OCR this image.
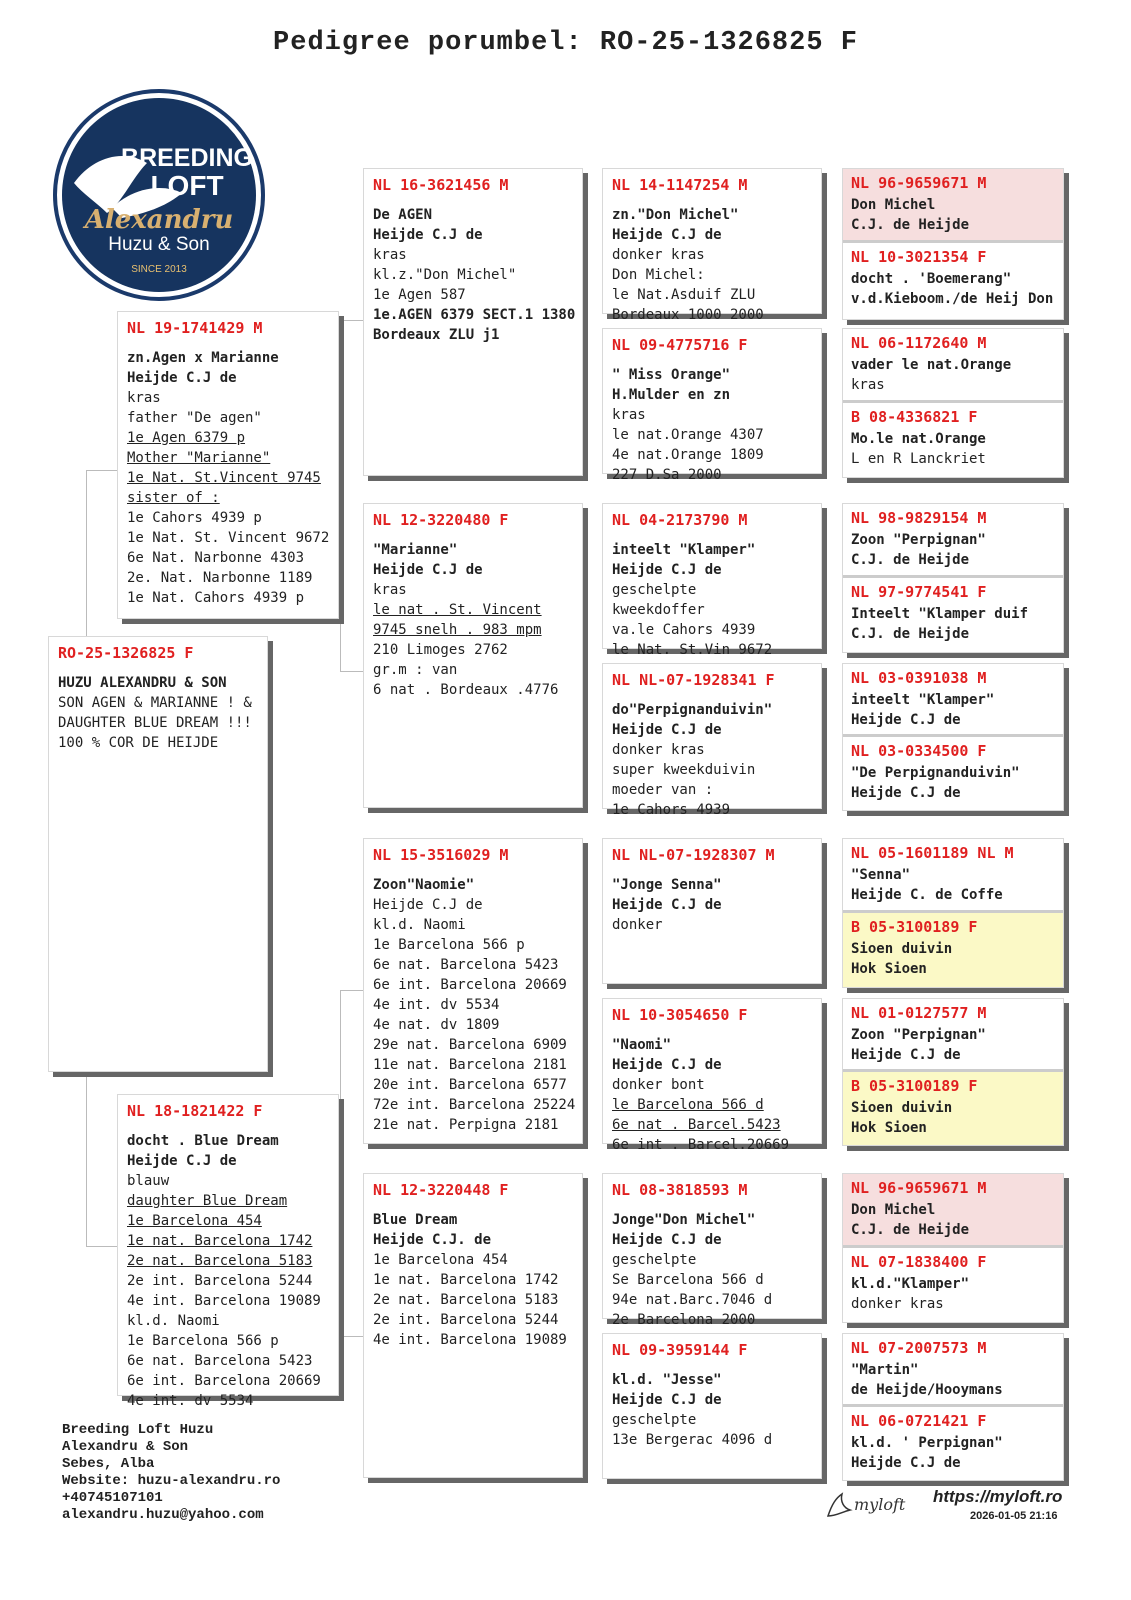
Pedigree porumbel: RO-25-1326825 F
BREEDING
LOFT
Alexandru
Huzu & Son
SINCE 2013
RO-25-1326825 F
HUZU ALEXANDRU & SON
SON AGEN & MARIANNE ! &
DAUGHTER BLUE DREAM !!!
100 % COR DE HEIJDE
NL 19-1741429 M
zn.Agen x Marianne
Heijde C.J de
kras
father "De agen"
1e Agen 6379 p
Mother "Marianne"
1e Nat. St.Vincent 9745
sister of :
1e Cahors 4939 p
1e Nat. St. Vincent 9672
6e Nat. Narbonne 4303
2e. Nat. Narbonne 1189
1e Nat. Cahors 4939 p
NL 18-1821422 F
docht . Blue Dream
Heijde C.J de
blauw
daughter Blue Dream
1e Barcelona 454
1e nat. Barcelona 1742
2e nat. Barcelona 5183
2e int. Barcelona 5244
4e int. Barcelona 19089
kl.d. Naomi
1e Barcelona 566 p
6e nat. Barcelona 5423
6e int. Barcelona 20669
4e int. dv 5534
NL 16-3621456 M
De AGEN
Heijde C.J de
kras
kl.z."Don Michel"
1e Agen 587
1e.AGEN 6379 SECT.1 1380
Bordeaux ZLU j1
NL 12-3220480 F
"Marianne"
Heijde C.J de
kras
le nat . St. Vincent
9745 snelh . 983 mpm
210 Limoges 2762
gr.m : van
6 nat . Bordeaux .4776
NL 15-3516029 M
Zoon"Naomie"
Heijde C.J de
kl.d. Naomi
1e Barcelona 566 p
6e nat. Barcelona 5423
6e int. Barcelona 20669
4e int. dv 5534
4e nat. dv 1809
29e nat. Barcelona 6909
11e nat. Barcelona 2181
20e int. Barcelona 6577
72e int. Barcelona 25224
21e nat. Perpigna 2181
NL 12-3220448 F
Blue Dream
Heijde C.J. de
1e Barcelona 454
1e nat. Barcelona 1742
2e nat. Barcelona 5183
2e int. Barcelona 5244
4e int. Barcelona 19089
NL 14-1147254 M
zn."Don Michel"
Heijde C.J de
donker kras
Don Michel:
le Nat.Asduif ZLU
Bordeaux 1000 2000
NL 09-4775716 F
" Miss Orange"
H.Mulder en zn
kras
le nat.Orange 4307
4e nat.Orange 1809
227 D.Sa 2000
NL 04-2173790 M
inteelt "Klamper"
Heijde C.J de
geschelpte
kweekdoffer
va.le Cahors 4939
le Nat. St.Vin 9672
NL NL-07-1928341 F
do"Perpignanduivin"
Heijde C.J de
donker kras
super kweekduivin
moeder van :
1e Cahors 4939
NL NL-07-1928307 M
"Jonge Senna"
Heijde C.J de
donker
NL 10-3054650 F
"Naomi"
Heijde C.J de
donker bont
le Barcelona 566 d
6e nat . Barcel.5423
6e int . Barcel.20669
NL 08-3818593 M
Jonge"Don Michel"
Heijde C.J de
geschelpte
Se Barcelona 566 d
94e nat.Barc.7046 d
2e Barcelona 2000
NL 09-3959144 F
kl.d. "Jesse"
Heijde C.J de
geschelpte
13e Bergerac 4096 d
NL 96-9659671 M
Don Michel
C.J. de Heijde
NL 10-3021354 F
docht . 'Boemerang"
v.d.Kieboom./de Heij Don
NL 06-1172640 M
vader le nat.Orange
kras
B 08-4336821 F
Mo.le nat.Orange
L en R Lanckriet
NL 98-9829154 M
Zoon "Perpignan"
C.J. de Heijde
NL 97-9774541 F
Inteelt "Klamper duif
C.J. de Heijde
NL 03-0391038 M
inteelt "Klamper"
Heijde C.J de
NL 03-0334500 F
"De Perpignanduivin"
Heijde C.J de
NL 05-1601189 NL M
"Senna"
Heijde C. de Coffe
B 05-3100189 F
Sioen duivin
Hok Sioen
NL 01-0127577 M
Zoon "Perpignan"
Heijde C.J de
B 05-3100189 F
Sioen duivin
Hok Sioen
NL 96-9659671 M
Don Michel
C.J. de Heijde
NL 07-1838400 F
kl.d."Klamper"
donker kras
NL 07-2007573 M
"Martin"
de Heijde/Hooymans
NL 06-0721421 F
kl.d. ' Perpignan"
Heijde C.J de
Breeding Loft Huzu
Alexandru & Son
Sebes, Alba
Website: huzu-alexandru.ro
+40745107101
alexandru.huzu@yahoo.com
myloft https://myloft.ro
2026-01-05 21:16
